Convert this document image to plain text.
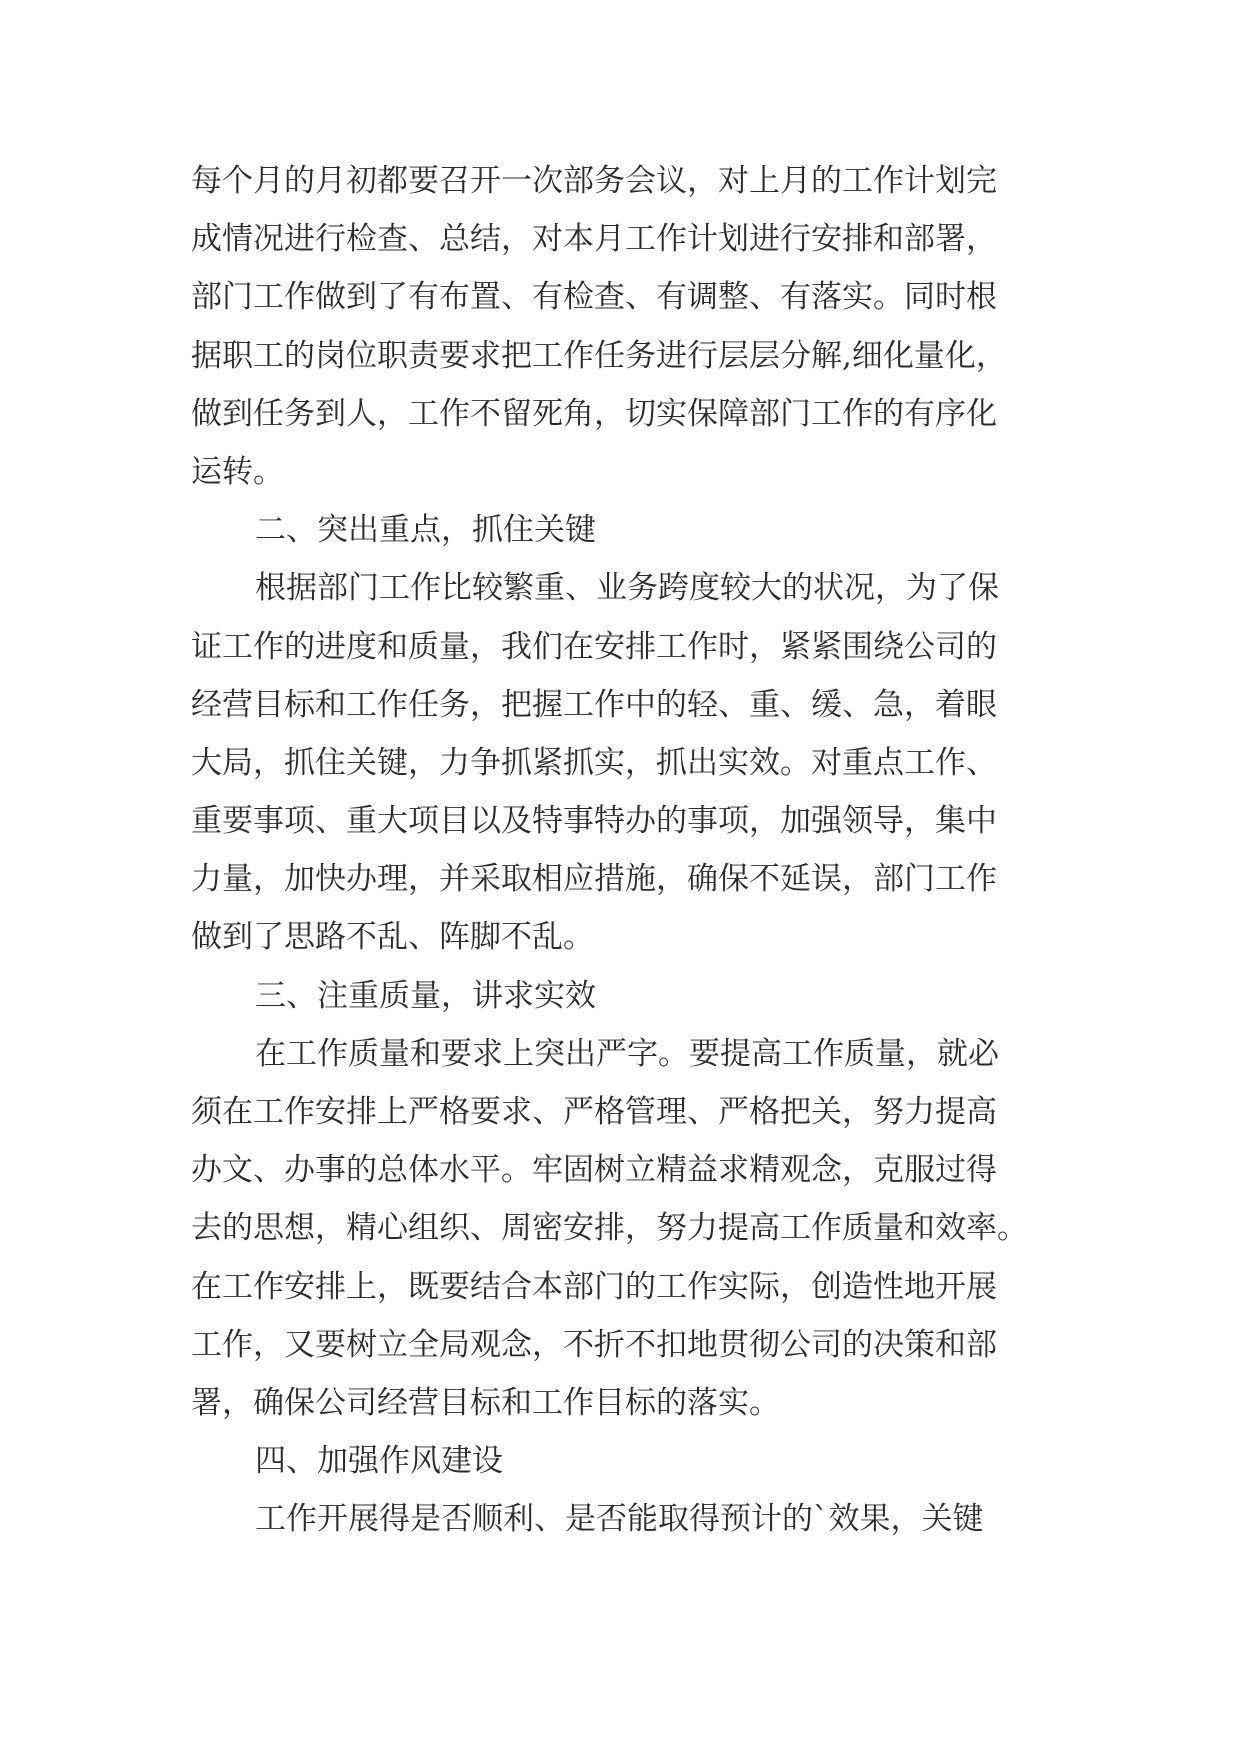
每个月的月初都要召开一次部务会议，对上月的工作计划完
成情况进行检查、总结，对本月工作计划进行安排和部署，
部门工作做到了有布置、有检查、有调整、有落实。同时根
据职工的岗位职责要求把工作任务进行层层分解,细化量化，
做到任务到人，工作不留死角，切实保障部门工作的有序化
运转。
二、突出重点，抓住关键
根据部门工作比较繁重、业务跨度较大的状况，为了保
证工作的进度和质量，我们在安排工作时，紧紧围绕公司的
经营目标和工作任务，把握工作中的轻、重、缓、急，着眼
大局，抓住关键，力争抓紧抓实，抓出实效。对重点工作、
重要事项、重大项目以及特事特办的事项，加强领导，集中
力量，加快办理，并采取相应措施，确保不延误，部门工作
做到了思路不乱、阵脚不乱。
三、注重质量，讲求实效
在工作质量和要求上突出严字。要提高工作质量，就必
须在工作安排上严格要求、严格管理、严格把关，努力提高
办文、办事的总体水平。牢固树立精益求精观念，克服过得
去的思想，精心组织、周密安排，努力提高工作质量和效率。
在工作安排上，既要结合本部门的工作实际，创造性地开展
工作，又要树立全局观念，不折不扣地贯彻公司的决策和部
署，确保公司经营目标和工作目标的落实。
四、加强作风建设
工作开展得是否顺利、是否能取得预计的`效果，关键
